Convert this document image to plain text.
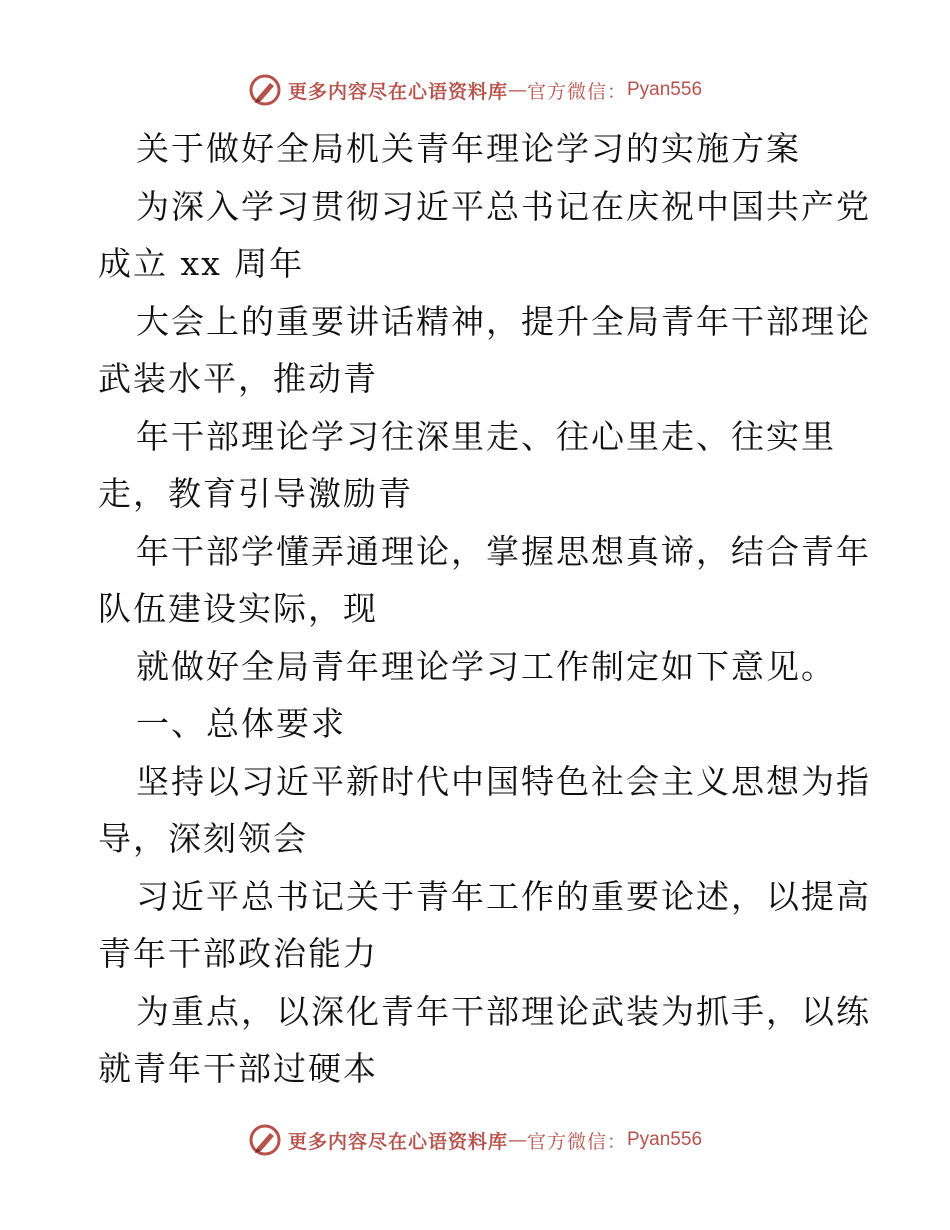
更多内容尽在心语资料库 — 官方微信： Pyan556
关于做好全局机关青年理论学习的实施方案
为深入学习贯彻习近平总书记在庆祝中国共产党
成立 xx 周年
大会上的重要讲话精神，提升全局青年干部理论
武装水平，推动青
年干部理论学习往深里走、往心里走、往实里
走，教育引导激励青
年干部学懂弄通理论，掌握思想真谛，结合青年
队伍建设实际，现
就做好全局青年理论学习工作制定如下意见。
一、总体要求
坚持以习近平新时代中国特色社会主义思想为指
导，深刻领会
习近平总书记关于青年工作的重要论述，以提高
青年干部政治能力
为重点，以深化青年干部理论武装为抓手，以练
就青年干部过硬本
更多内容尽在心语资料库 — 官方微信： Pyan556
